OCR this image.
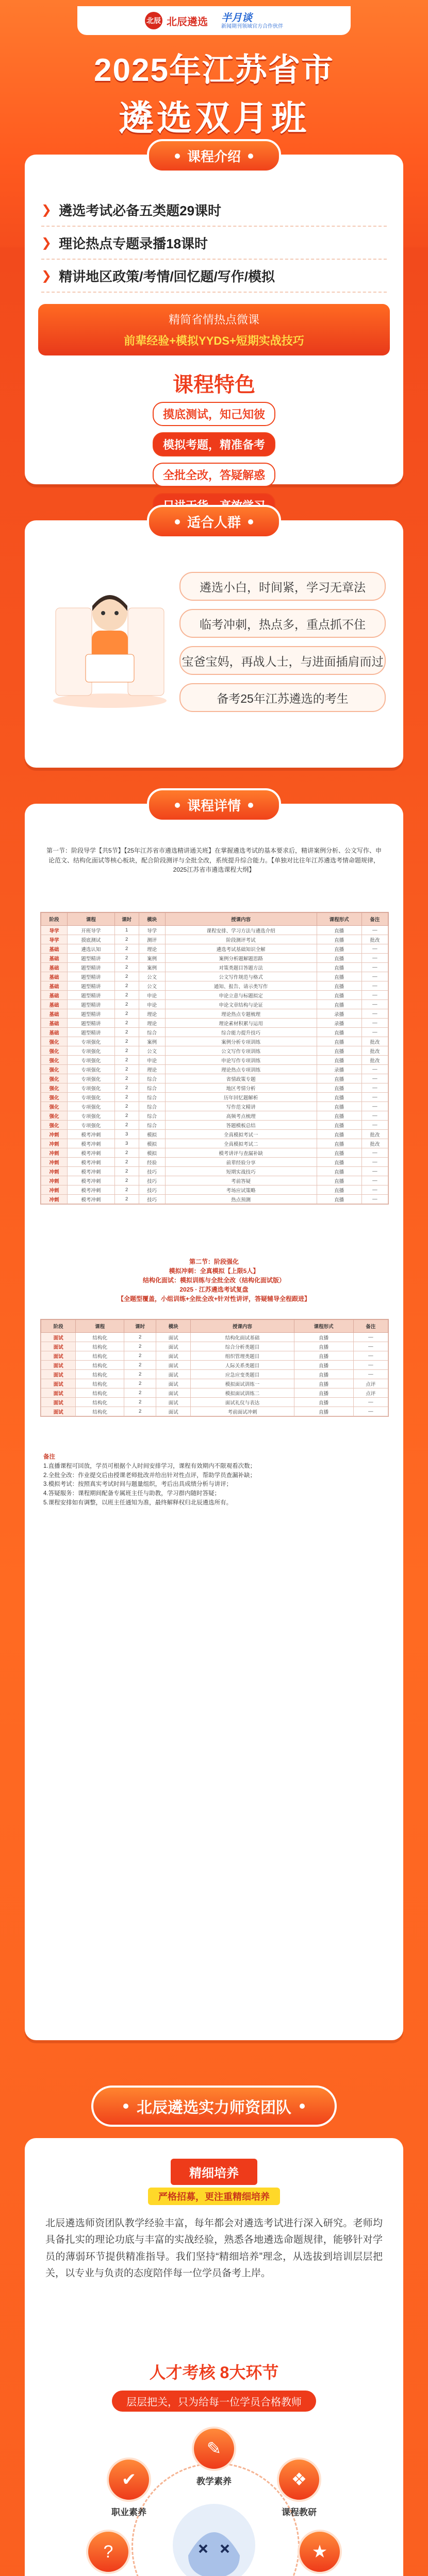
北辰 北辰遴选 半月谈
新闻期刊领域官方合作伙伴
2025年江苏省市
遴选双月班
课程介绍
❯ 遴选考试必备五类题29课时
❯ 理论热点专题录播18课时
❯ 精讲地区政策/考情/回忆题/写作/模拟
精简省情热点微课
前辈经验+模拟YYDS+短期实战技巧
课程特色
摸底测试，知己知彼
模拟考题，精准备考
全批全改，答疑解惑
适合人群
遴选小白，时间紧，学习无章法
临考冲刺，热点多，重点抓不住
宝爸宝妈，再战人士，与进面插肩而过
备考25年江苏遴选的考生
课程详情
第一节：阶段导学【共5节】【25年江苏省市遴选精讲通关班】在掌握遴选考试的基本要求后，精讲案例分析、公文写作、申论范文、结构化面试等核心板块，配合阶段测评与全批全改，系统提升综合能力。【单独对比往年江苏遴选考情命题规律，2025江苏省市遴选课程大纲】
阶段	课程	课时	模块	授课内容	课程形式	备注
导学	开班导学	1	导学	课程安排、学习方法与遴选介绍	直播	—
导学	摸底测试	2	测评	阶段测评考试	直播	批改
基础	遴选认知	2	理论	遴选考试基础知识全解	直播	—
基础	题型精讲	2	案例	案例分析题解题思路	直播	—
基础	题型精讲	2	案例	对策类题目答题方法	直播	—
基础	题型精讲	2	公文	公文写作规范与格式	直播	—
基础	题型精讲	2	公文	通知、报告、请示类写作	直播	—
基础	题型精讲	2	申论	申论立意与标题拟定	直播	—
基础	题型精讲	2	申论	申论文章结构与论证	直播	—
基础	题型精讲	2	理论	理论热点专题梳理	录播	—
基础	题型精讲	2	理论	理论素材积累与运用	录播	—
基础	题型精讲	2	综合	综合能力提升技巧	直播	—
强化	专项强化	2	案例	案例分析专项训练	直播	批改
强化	专项强化	2	公文	公文写作专项训练	直播	批改
强化	专项强化	2	申论	申论写作专项训练	直播	批改
强化	专项强化	2	理论	理论热点专项训练	录播	—
强化	专项强化	2	综合	省情政策专题	直播	—
强化	专项强化	2	综合	地区考情分析	直播	—
强化	专项强化	2	综合	历年回忆题解析	直播	—
强化	专项强化	2	综合	写作范文精讲	直播	—
强化	专项强化	2	综合	高频考点梳理	直播	—
强化	专项强化	2	综合	答题模板总结	直播	—
冲刺	模考冲刺	3	模拟	全真模拟考试一	直播	批改
冲刺	模考冲刺	3	模拟	全真模拟考试二	直播	批改
冲刺	模考冲刺	2	模拟	模考讲评与查漏补缺	直播	—
冲刺	模考冲刺	2	经验	前辈经验分享	直播	—
冲刺	模考冲刺	2	技巧	短期实战技巧	直播	—
冲刺	模考冲刺	2	技巧	考前答疑	直播	—
冲刺	模考冲刺	2	技巧	考场应试策略	直播	—
冲刺	模考冲刺	2	技巧	热点预测	直播	—
第二节：阶段强化
模拟冲刺：全真模拟【上限5人】
结构化面试：模拟训练与全批全改（结构化面试版）
2025 · 江苏遴选考试复盘
【全题型覆盖，小组训练+全批全改+针对性讲评，答疑辅导全程跟进】
阶段	课程	课时	模块	授课内容	课程形式	备注
面试	结构化	2	面试	结构化面试基础	直播	—
面试	结构化	2	面试	综合分析类题目	直播	—
面试	结构化	2	面试	组织管理类题目	直播	—
面试	结构化	2	面试	人际关系类题目	直播	—
面试	结构化	2	面试	应急应变类题目	直播	—
面试	结构化	2	面试	模拟面试训练一	直播	点评
面试	结构化	2	面试	模拟面试训练二	直播	点评
面试	结构化	2	面试	面试礼仪与表达	直播	—
面试	结构化	2	面试	考前面试冲刺	直播	—
备注
1.直播课程可回放，学员可根据个人时间安排学习，课程有效期内不限观看次数；
2.全批全改：作业提交后由授课老师批改并给出针对性点评，帮助学员查漏补缺；
3.模拟考试：按照真实考试时间与题量组织，考后出具成绩分析与讲评；
4.答疑服务：课程期间配备专属班主任与助教，学习群内随时答疑；
5.课程安排如有调整，以班主任通知为准，最终解释权归北辰遴选所有。
北辰遴选实力师资团队
精细培养
严格招募，更注重精细培养
北辰遴选师资团队教学经验丰富，每年都会对遴选考试进行深入研究。老师均具备扎实的理论功底与丰富的实战经验，熟悉各地遴选命题规律，能够针对学员的薄弱环节提供精准指导。我们坚持“精细培养”理念，从选拔到培训层层把关，以专业与负责的态度陪伴每一位学员备考上岸。
人才考核 8大环节
层层把关，只为给每一位学员合格教师
✎
教学素养	❖
课程教研
★
?
✔
职业素养
